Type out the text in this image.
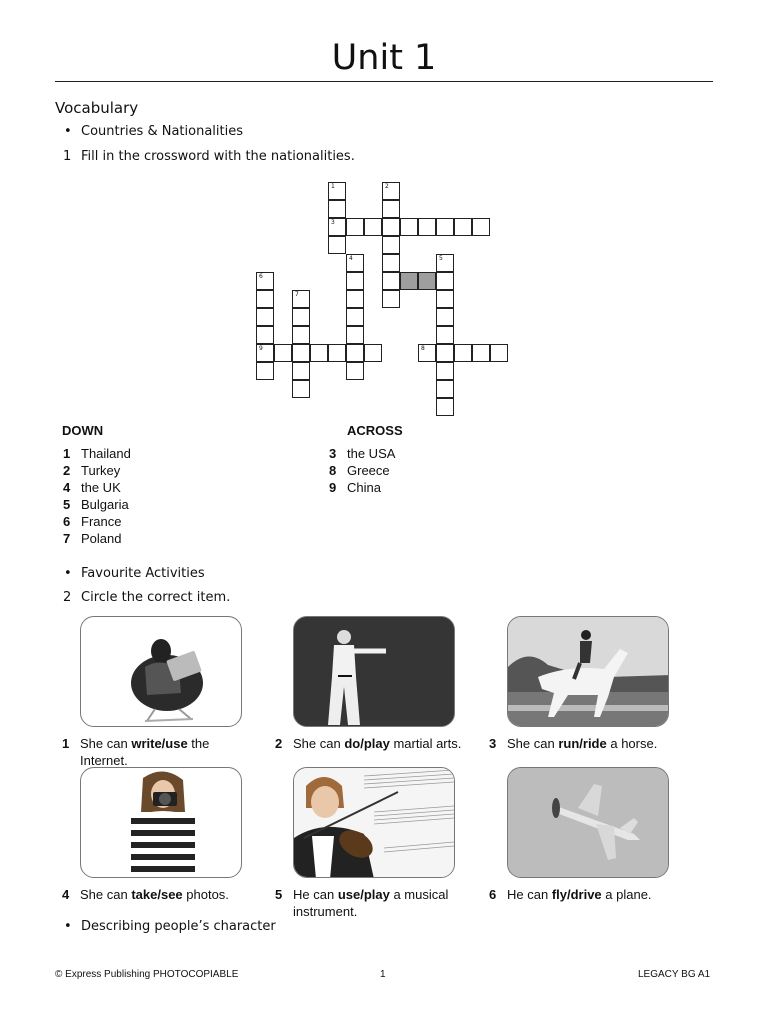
Unit 1
Vocabulary
• Countries & Nationalities
1 Fill in the crossword with the nationalities.
1
3
2
4	5
6
9
7
8
DOWN	ACROSS
1 Thailand
2 Turkey
4 the UK
5 Bulgaria
6 France
7 Poland
3 the USA
8 Greece
9 China
• Favourite Activities
2 Circle the correct item.
1 She can write/use the Internet.
2 She can do/play martial arts.	3 She can run/ride a horse.
4 She can take/see photos.	5 He can use/play a musical instrument.
6 He can fly/drive a plane.
• Describing people’s character
© Express Publishing PHOTOCOPIABLE	1	LEGACY BG A1
